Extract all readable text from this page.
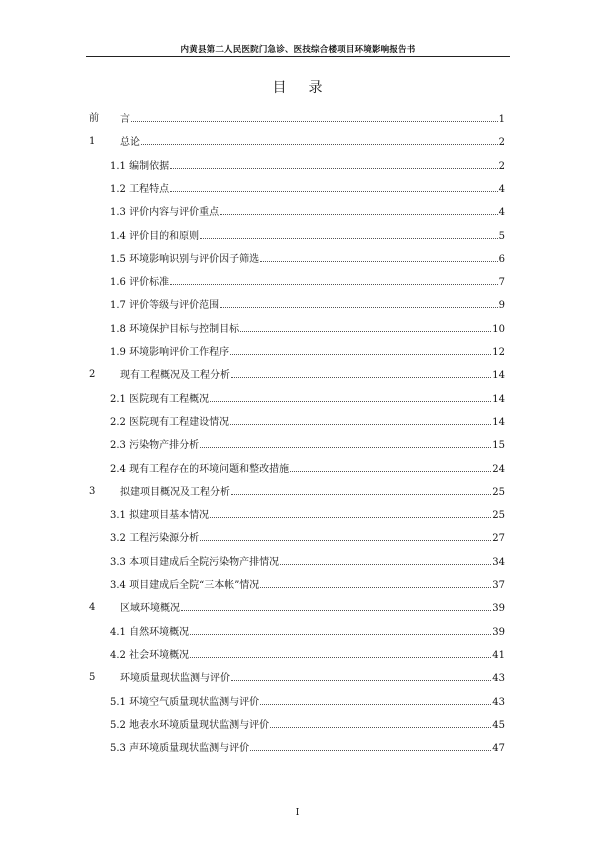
内黄县第二人民医院门急诊、医技综合楼项目环境影响报告书
目录
前 言	1
1 总论	2
1.1 编制依据	2
1.2 工程特点	4
1.3 评价内容与评价重点	4
1.4 评价目的和原则	5
1.5 环境影响识别与评价因子筛选	6
1.6 评价标准	7
1.7 评价等级与评价范围	9
1.8 环境保护目标与控制目标	10
1.9 环境影响评价工作程序	12
2 现有工程概况及工程分析	14
2.1 医院现有工程概况	14
2.2 医院现有工程建设情况	14
2.3 污染物产排分析	15
2.4 现有工程存在的环境问题和整改措施	24
3 拟建项目概况及工程分析	25
3.1 拟建项目基本情况	25
3.2 工程污染源分析	27
3.3 本项目建成后全院污染物产排情况	34
3.4 项目建成后全院“三本帐”情况	37
4 区域环境概况	39
4.1 自然环境概况	39
4.2 社会环境概况	41
5 环境质量现状监测与评价	43
5.1 环境空气质量现状监测与评价	43
5.2 地表水环境质量现状监测与评价	45
5.3 声环境质量现状监测与评价	47
I
